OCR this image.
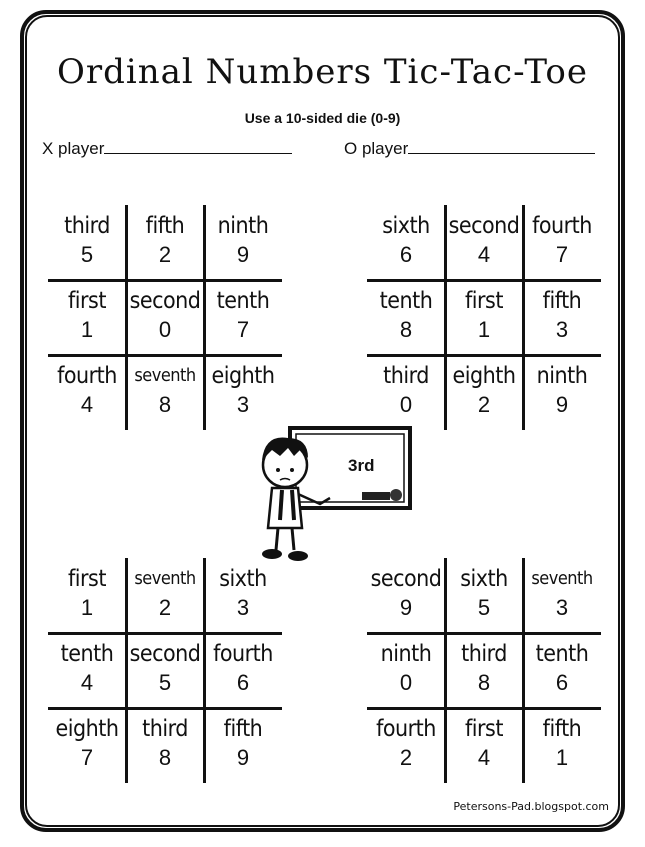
Ordinal Numbers Tic-Tac-Toe
Use a 10-sided die (0-9)
X player	O player
third
5
fifth
2
ninth
9
first
1
second
0
tenth
7
fourth
4
seventh
8
eighth
3
sixth
6
second
4
fourth
7
tenth
8
first
1
fifth
3
third
0
eighth
2
ninth
9
first
1
seventh
2
sixth
3
tenth
4
second
5
fourth
6
eighth
7
third
8
fifth
9
second
9
sixth
5
seventh
3
ninth
0
third
8
tenth
6
fourth
2
first
4
fifth
1
3rd
Petersons-Pad.blogspot.com
